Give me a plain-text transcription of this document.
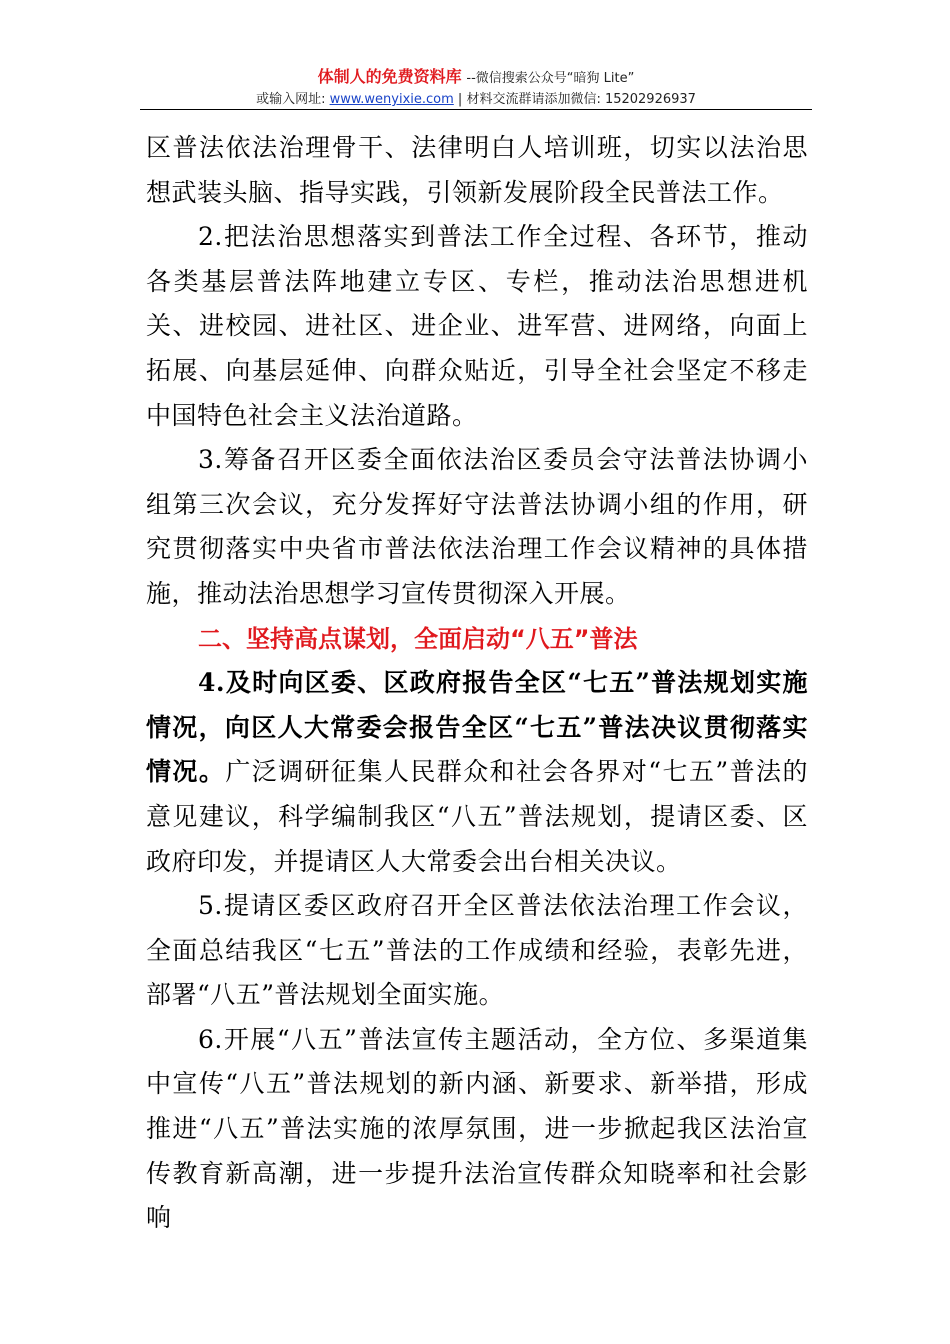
体制人的免费资料库 --微信搜索公众号“暗狗 Lite”
或输入网址: www.wenyixie.com | 材料交流群请添加微信: 15202926937

区普法依法治理骨干、法律明白人培训班，切实以法治思想武装头脑、指导实践，引领新发展阶段全民普法工作。

2.把法治思想落实到普法工作全过程、各环节，推动各类基层普法阵地建立专区、专栏，推动法治思想进机关、进校园、进社区、进企业、进军营、进网络，向面上拓展、向基层延伸、向群众贴近，引导全社会坚定不移走中国特色社会主义法治道路。

3.筹备召开区委全面依法治区委员会守法普法协调小组第三次会议，充分发挥好守法普法协调小组的作用，研究贯彻落实中央省市普法依法治理工作会议精神的具体措施，推动法治思想学习宣传贯彻深入开展。

二、坚持高点谋划，全面启动“八五”普法

4.及时向区委、区政府报告全区“七五”普法规划实施情况，向区人大常委会报告全区“七五”普法决议贯彻落实情况。广泛调研征集人民群众和社会各界对“七五”普法的意见建议，科学编制我区“八五”普法规划，提请区委、区政府印发，并提请区人大常委会出台相关决议。

5.提请区委区政府召开全区普法依法治理工作会议，全面总结我区“七五”普法的工作成绩和经验，表彰先进，部署“八五”普法规划全面实施。

6.开展“八五”普法宣传主题活动，全方位、多渠道集中宣传“八五”普法规划的新内涵、新要求、新举措，形成推进“八五”普法实施的浓厚氛围，进一步掀起我区法治宣传教育新高潮，进一步提升法治宣传群众知晓率和社会影响
